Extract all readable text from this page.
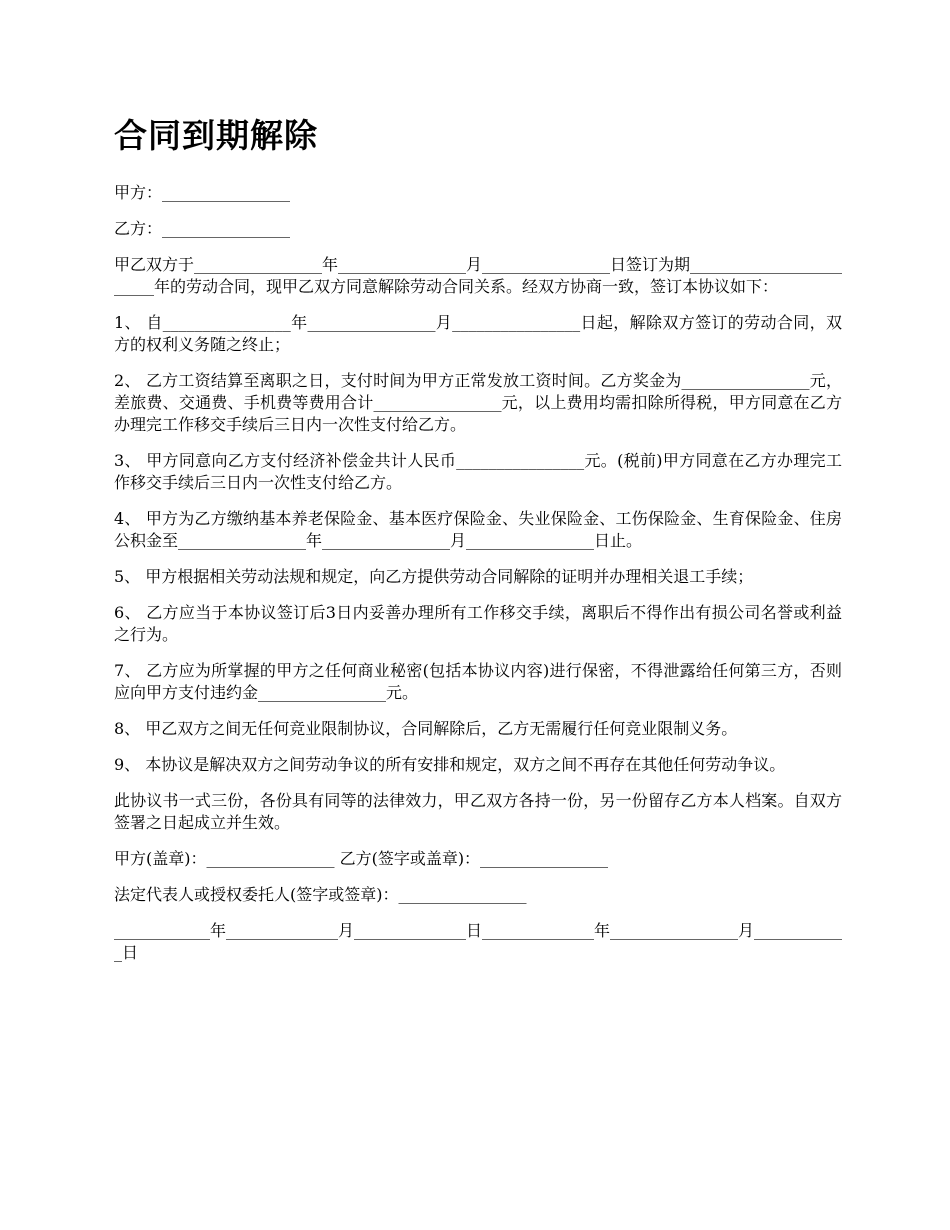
合同到期解除

甲方：________________

乙方：________________

甲乙双方于________________年________________月________________日签订为期________________________年的劳动合同，现甲乙双方同意解除劳动合同关系。经双方协商一致，签订本协议如下：

1、 自________________年________________月________________日起，解除双方签订的劳动合同，双方的权利义务随之终止；

2、 乙方工资结算至离职之日，支付时间为甲方正常发放工资时间。乙方奖金为________________元，差旅费、交通费、手机费等费用合计________________元，以上费用均需扣除所得税，甲方同意在乙方办理完工作移交手续后三日内一次性支付给乙方。

3、 甲方同意向乙方支付经济补偿金共计人民币________________元。(税前)甲方同意在乙方办理完工作移交手续后三日内一次性支付给乙方。

4、 甲方为乙方缴纳基本养老保险金、基本医疗保险金、失业保险金、工伤保险金、生育保险金、住房公积金至________________年________________月________________日止。

5、 甲方根据相关劳动法规和规定，向乙方提供劳动合同解除的证明并办理相关退工手续；

6、 乙方应当于本协议签订后3日内妥善办理所有工作移交手续，离职后不得作出有损公司名誉或利益之行为。

7、 乙方应为所掌握的甲方之任何商业秘密(包括本协议内容)进行保密，不得泄露给任何第三方，否则应向甲方支付违约金________________元。

8、 甲乙双方之间无任何竞业限制协议，合同解除后，乙方无需履行任何竞业限制义务。

9、 本协议是解决双方之间劳动争议的所有安排和规定，双方之间不再存在其他任何劳动争议。

此协议书一式三份，各份具有同等的法律效力，甲乙双方各持一份，另一份留存乙方本人档案。自双方签署之日起成立并生效。

甲方(盖章)：________________ 乙方(签字或盖章)：________________

法定代表人或授权委托人(签字或签章)：________________

____________年______________月______________日______________年________________月____________日
